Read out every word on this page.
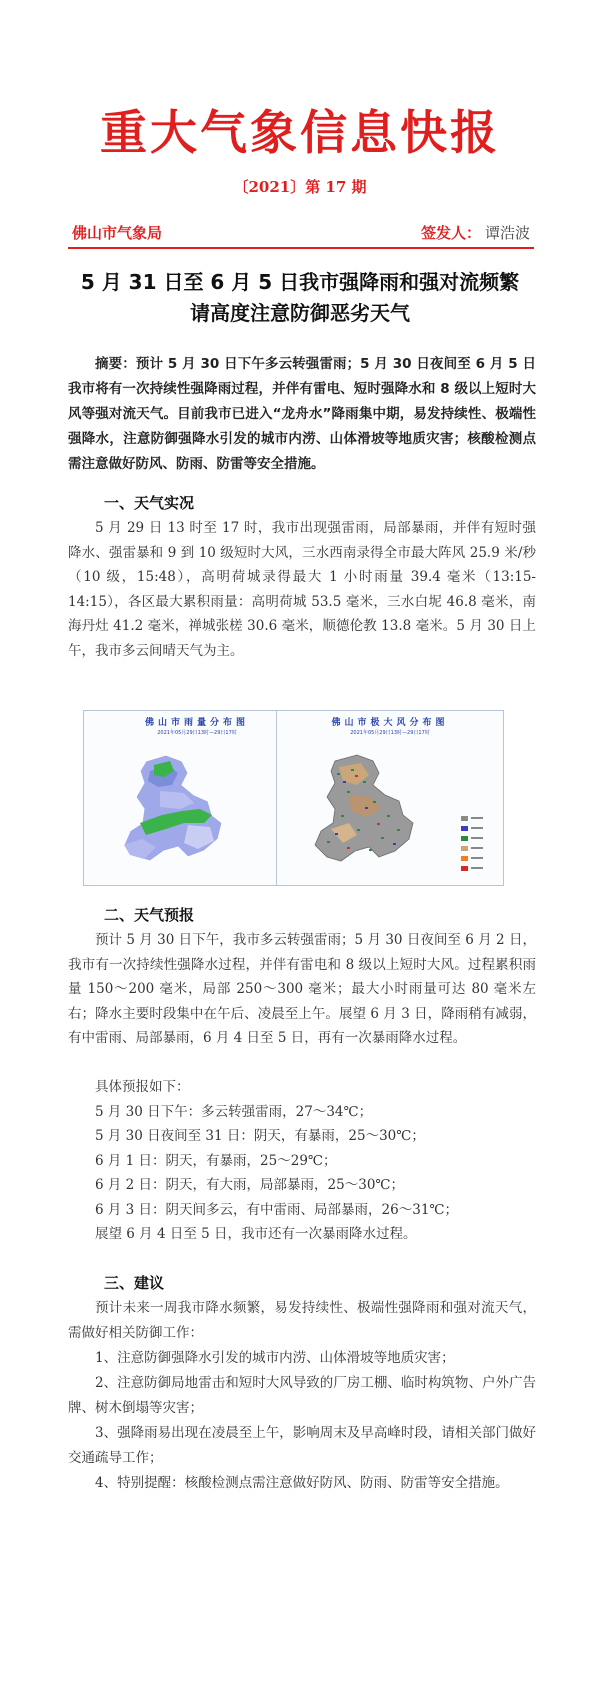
重大气象信息快报
〔2021〕第 17 期
佛山市气象局	签发人： 谭浩波
5 月 31 日至 6 月 5 日我市强降雨和强对流频繁
请高度注意防御恶劣天气
摘要：预计 5 月 30 日下午多云转强雷雨；5 月 30 日夜间至 6 月 5 日我市将有一次持续性强降雨过程，并伴有雷电、短时强降水和 8 级以上短时大风等强对流天气。目前我市已进入“龙舟水”降雨集中期，易发持续性、极端性强降水，注意防御强降水引发的城市内涝、山体滑坡等地质灾害；核酸检测点需注意做好防风、防雨、防雷等安全措施。
一、天气实况
5 月 29 日 13 时至 17 时，我市出现强雷雨，局部暴雨，并伴有短时强降水、强雷暴和 9 到 10 级短时大风，三水西南录得全市最大阵风 25.9 米/秒（10 级，15:48），高明荷城录得最大 1 小时雨量 39.4 毫米（13:15-14:15），各区最大累积雨量：高明荷城 53.5 毫米，三水白坭 46.8 毫米，南海丹灶 41.2 毫米，禅城张槎 30.6 毫米，顺德伦教 13.8 毫米。5 月 30 日上午，我市多云间晴天气为主。
佛山市雨量分布图
2021年05月29日13时—29日17时
佛山市极大风分布图
2021年05月29日13时—29日17时
二、天气预报
预计 5 月 30 日下午，我市多云转强雷雨；5 月 30 日夜间至 6 月 2 日，我市有一次持续性强降水过程，并伴有雷电和 8 级以上短时大风。过程累积雨量 150～200 毫米，局部 250～300 毫米；最大小时雨量可达 80 毫米左右；降水主要时段集中在午后、凌晨至上午。展望 6 月 3 日，降雨稍有减弱，有中雷雨、局部暴雨，6 月 4 日至 5 日，再有一次暴雨降水过程。
具体预报如下：
5 月 30 日下午：多云转强雷雨，27～34℃；
5 月 30 日夜间至 31 日：阴天，有暴雨，25～30℃；
6 月 1 日：阴天，有暴雨，25～29℃；
6 月 2 日：阴天，有大雨，局部暴雨，25～30℃；
6 月 3 日：阴天间多云，有中雷雨、局部暴雨，26～31℃；
展望 6 月 4 日至 5 日，我市还有一次暴雨降水过程。
三、建议
预计未来一周我市降水频繁，易发持续性、极端性强降雨和强对流天气，需做好相关防御工作：
1、注意防御强降水引发的城市内涝、山体滑坡等地质灾害；
2、注意防御局地雷击和短时大风导致的厂房工棚、临时构筑物、户外广告牌、树木倒塌等灾害；
3、强降雨易出现在凌晨至上午，影响周末及早高峰时段，请相关部门做好交通疏导工作；
4、特别提醒：核酸检测点需注意做好防风、防雨、防雷等安全措施。
